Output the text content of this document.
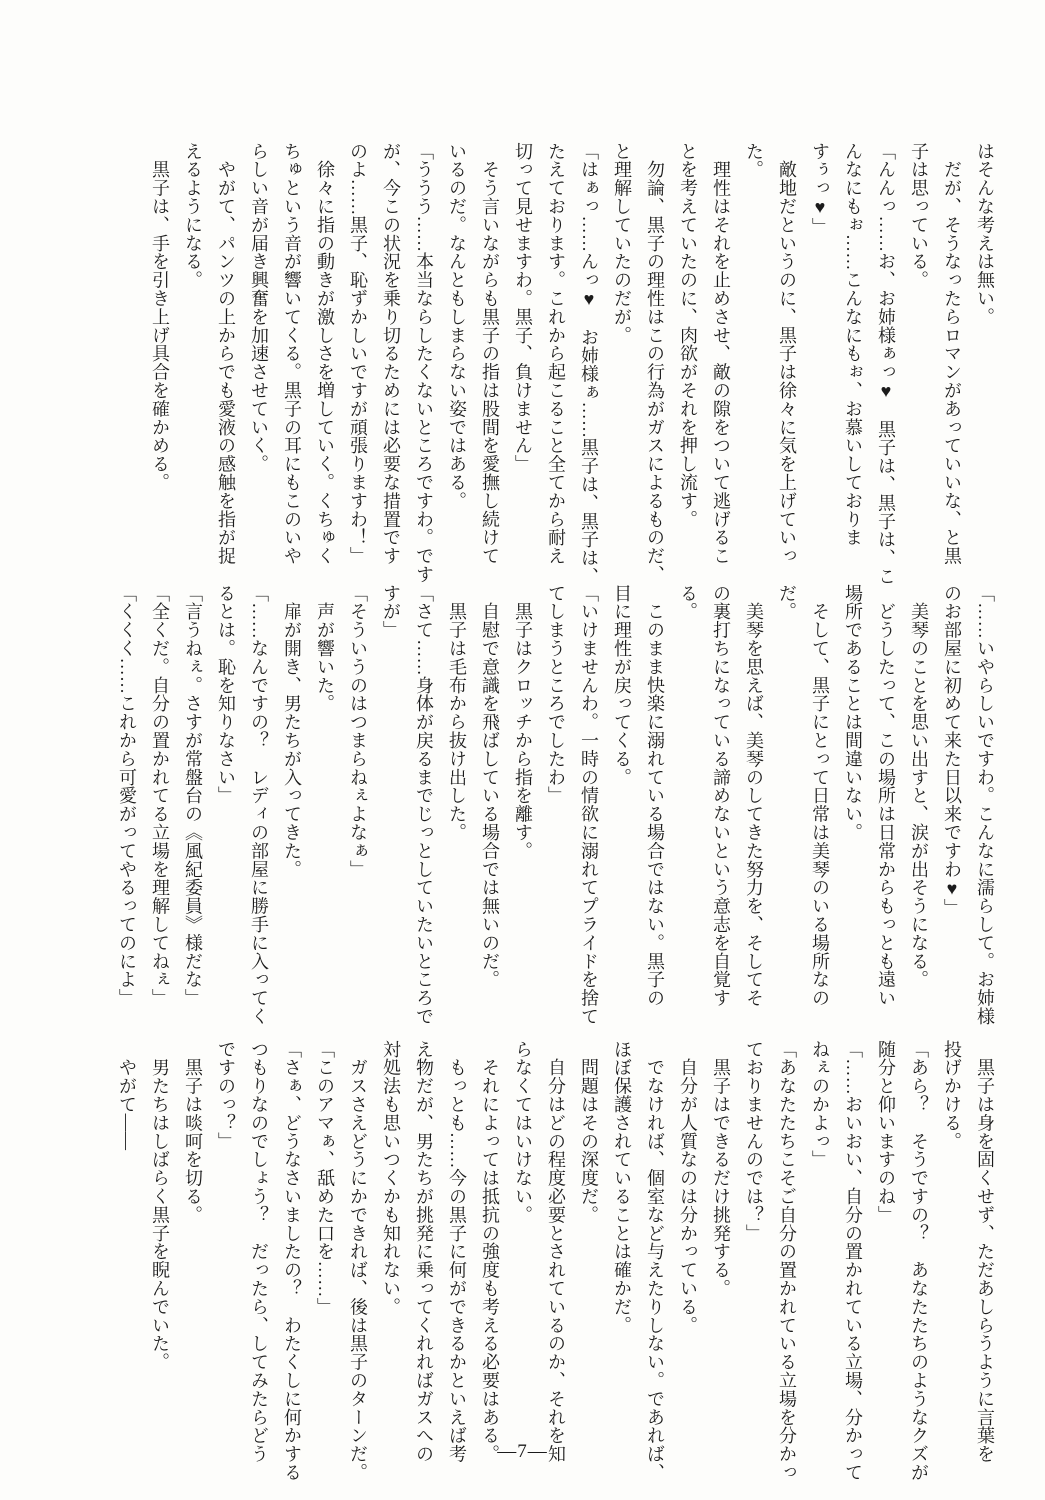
はそんな考えは無い。

　だが、そうなったらロマンがあっていいな、と黒

子は思っている。

「んんっ……お、お姉様ぁっ♥　黒子は、黒子は、こ

んなにもぉ……こんなにもぉ、お慕いしておりま

すぅっ♥」

　敵地だというのに、黒子は徐々に気を上げていっ

た。

　理性はそれを止めさせ、敵の隙をついて逃げるこ

とを考えていたのに、肉欲がそれを押し流す。

　勿論、黒子の理性はこの行為がガスによるものだ、

と理解していたのだが。

「はぁっ……んっ♥　お姉様ぁ……黒子は、黒子は、

たえております。これから起こること全てから耐え

切って見せますわ。黒子、負けません」

　そう言いながらも黒子の指は股間を愛撫し続けて

いるのだ。なんともしまらない姿ではある。

「ううう……本当ならしたくないところですわ。です

が、今この状況を乗り切るためには必要な措置です

のよ……黒子、恥ずかしいですが頑張りますわ！」

　徐々に指の動きが激しさを増していく。くちゅく

ちゅという音が響いてくる。黒子の耳にもこのいや

らしい音が届き興奮を加速させていく。

　やがて、パンツの上からでも愛液の感触を指が捉

えるようになる。

　黒子は、手を引き上げ具合を確かめる。

「……いやらしいですわ。こんなに濡らして。お姉様

のお部屋に初めて来た日以来ですわ♥」

　美琴のことを思い出すと、涙が出そうになる。

　どうしたって、この場所は日常からもっとも遠い

場所であることは間違いない。

　そして、黒子にとって日常は美琴のいる場所なの

だ。

　美琴を思えば、美琴のしてきた努力を、そしてそ

の裏打ちになっている諦めないという意志を自覚す

る。

　このまま快楽に溺れている場合ではない。黒子の

目に理性が戻ってくる。

「いけませんわ。一時の情欲に溺れてプライドを捨て

てしまうところでしたわ」

　黒子はクロッチから指を離す。

　自慰で意識を飛ばしている場合では無いのだ。

　黒子は毛布から抜け出した。

「さて……身体が戻るまでじっとしていたいところで

すが」

「そういうのはつまらねぇよなぁ」

　声が響いた。

　扉が開き、男たちが入ってきた。

「……なんですの？　レディの部屋に勝手に入ってく

るとは。恥を知りなさい」

「言うねぇ。さすが常盤台の《風紀委員》様だな」

「全くだ。自分の置かれてる立場を理解してねぇ」

「くくく……これから可愛がってやるってのによ」

　黒子は身を固くせず、ただあしらうように言葉を

投げかける。

「あら？　そうですの？　あなたたちのようなクズが

随分と仰いますのね」

「……おいおい、自分の置かれている立場、分かって

ねぇのかよっ」

「あなたたちこそご自分の置かれている立場を分かっ

ておりませんのでは？」

　黒子はできるだけ挑発する。

　自分が人質なのは分かっている。

　でなければ、個室など与えたりしない。であれば、

ほぼ保護されていることは確かだ。

　問題はその深度だ。

　自分はどの程度必要とされているのか、それを知

らなくてはいけない。

　それによっては抵抗の強度も考える必要はある。

　もっとも……今の黒子に何ができるかといえば考

え物だが、男たちが挑発に乗ってくれればガスへの

対処法も思いつくかも知れない。

　ガスさえどうにかできれば、後は黒子のターンだ。

「このアマぁ、舐めた口を……」

「さぁ、どうなさいましたの？　わたくしに何かする

つもりなのでしょう？　だったら、してみたらどう

ですのっ？」

　黒子は啖呵を切る。

　男たちはしばらく黒子を睨んでいた。

　やがて――

―7―
